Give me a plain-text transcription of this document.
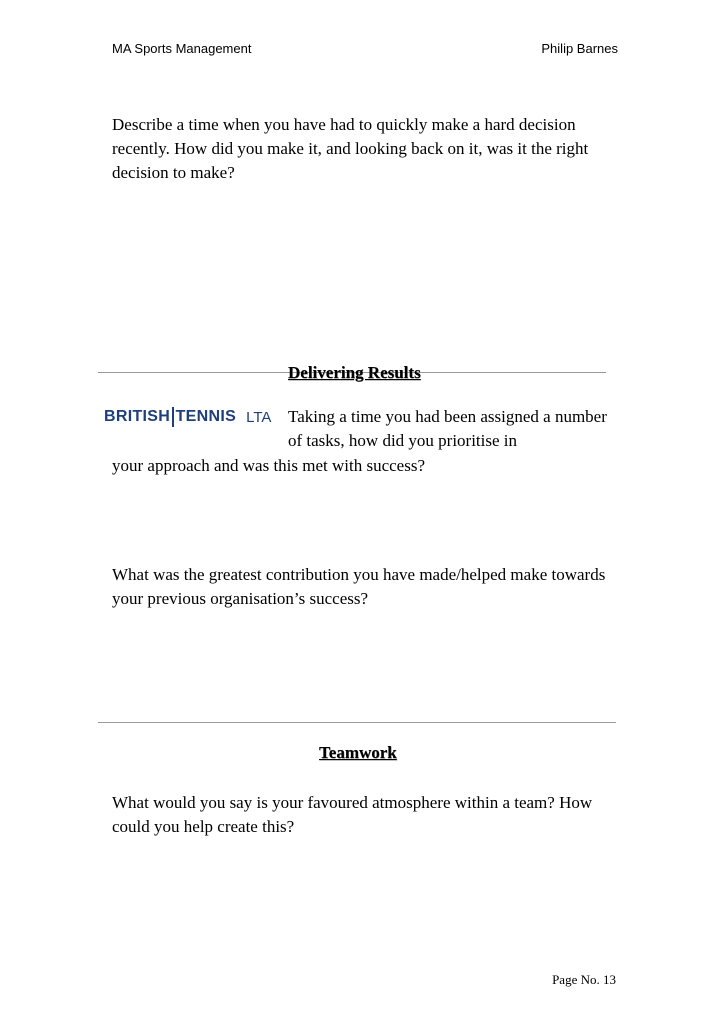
MA Sports Management	Philip Barnes

Describe a time when you have had to quickly make a hard decision recently. How did you make it, and looking back on it, was it the right decision to make?

Delivering Results
BRITISH TENNIS LTA Taking a time you had been assigned a number of tasks, how did you prioritise in

your approach and was this met with success?

What was the greatest contribution you have made/helped make towards your previous organisation’s success?

Teamwork

What would you say is your favoured atmosphere within a team? How could you help create this?

Page No. 13
